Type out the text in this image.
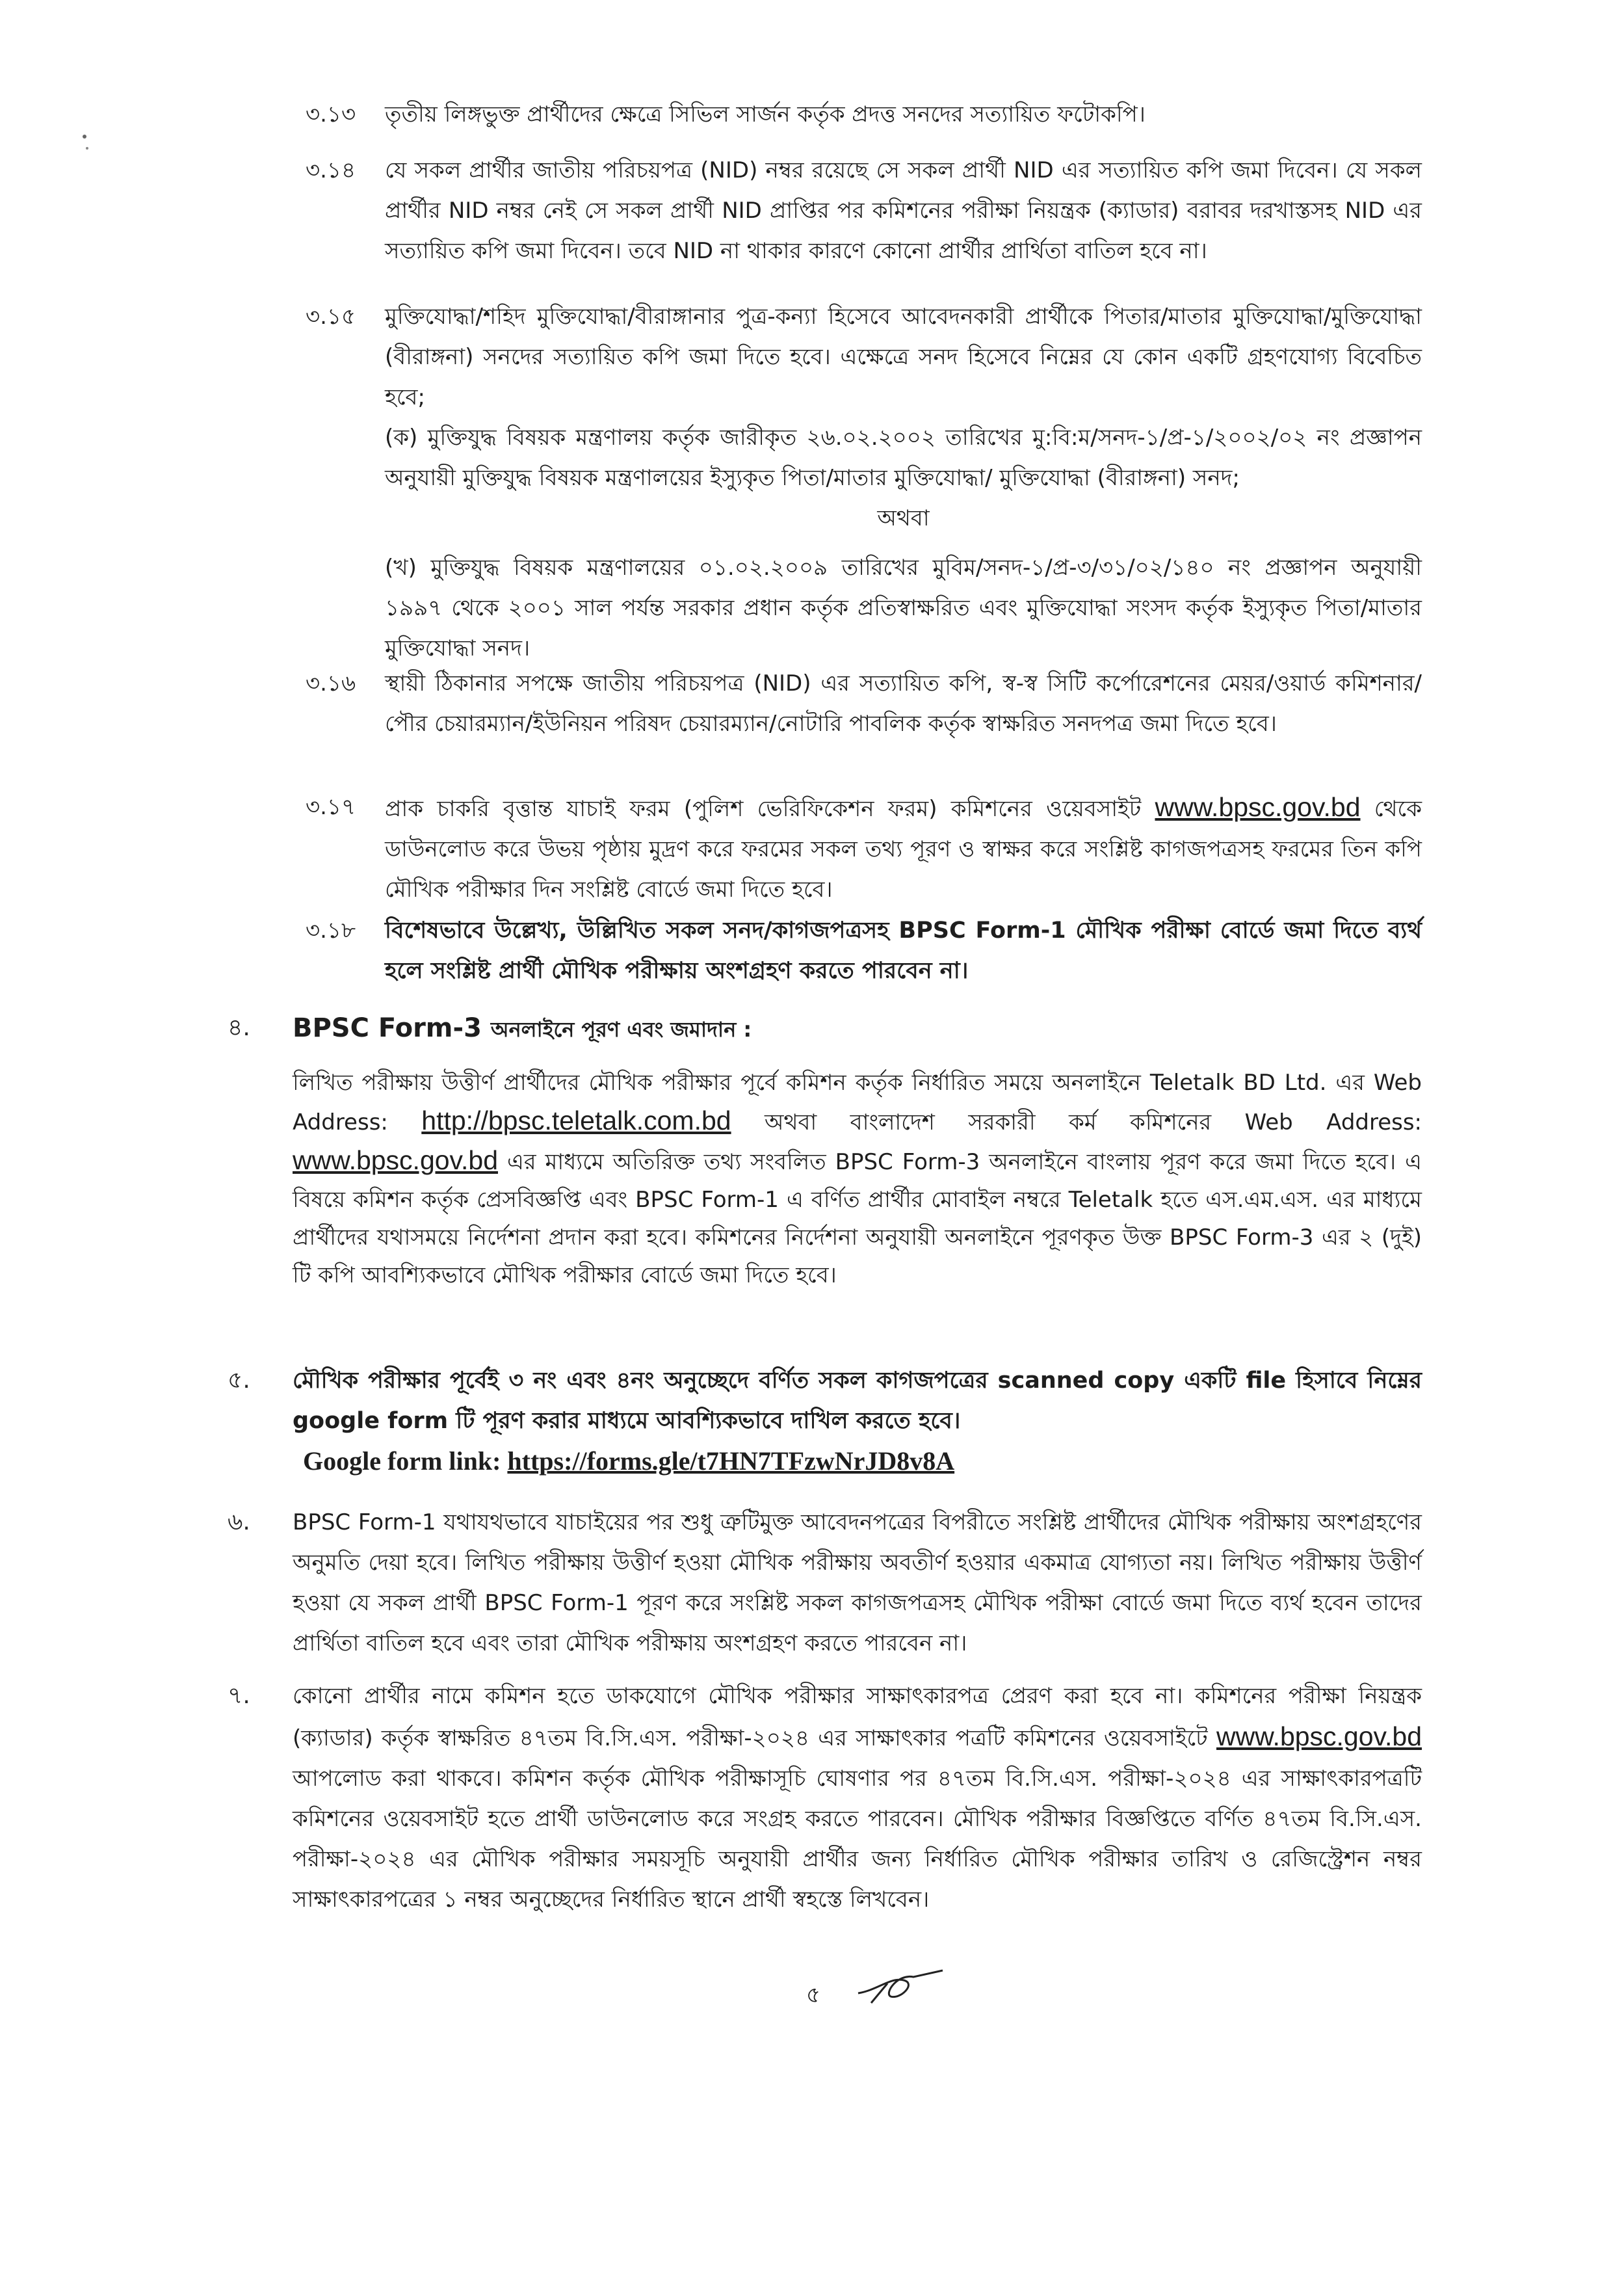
৩.১৩ তৃতীয় লিঙ্গভুক্ত প্রার্থীদের ক্ষেত্রে সিভিল সার্জন কর্তৃক প্রদত্ত সনদের সত্যায়িত ফটোকপি।
৩.১৪ যে সকল প্রার্থীর জাতীয় পরিচয়পত্র (NID) নম্বর রয়েছে সে সকল প্রার্থী NID এর সত্যায়িত কপি জমা দিবেন। যে সকল প্রার্থীর NID নম্বর নেই সে সকল প্রার্থী NID প্রাপ্তির পর কমিশনের পরীক্ষা নিয়ন্ত্রক (ক্যাডার) বরাবর দরখাস্তসহ NID এর সত্যায়িত কপি জমা দিবেন। তবে NID না থাকার কারণে কোনো প্রার্থীর প্রার্থিতা বাতিল হবে না।
৩.১৫ মুক্তিযোদ্ধা/শহিদ মুক্তিযোদ্ধা/বীরাঙ্গানার পুত্র-কন্যা হিসেবে আবেদনকারী প্রার্থীকে পিতার/মাতার মুক্তিযোদ্ধা/মুক্তিযোদ্ধা (বীরাঙ্গনা) সনদের সত্যায়িত কপি জমা দিতে হবে। এক্ষেত্রে সনদ হিসেবে নিম্নের যে কোন একটি গ্রহণযোগ্য বিবেচিত হবে;

(ক) মুক্তিযুদ্ধ বিষয়ক মন্ত্রণালয় কর্তৃক জারীকৃত ২৬.০২.২০০২ তারিখের মু:বি:ম/সনদ-১/প্র-১/২০০২/০২ নং প্রজ্ঞাপন অনুযায়ী মুক্তিযুদ্ধ বিষয়ক মন্ত্রণালয়ের ইস্যুকৃত পিতা/মাতার মুক্তিযোদ্ধা/ মুক্তিযোদ্ধা (বীরাঙ্গনা) সনদ;

অথবা

(খ) মুক্তিযুদ্ধ বিষয়ক মন্ত্রণালয়ের ০১.০২.২০০৯ তারিখের মুবিম/সনদ-১/প্র-৩/৩১/০২/১৪০ নং প্রজ্ঞাপন অনুযায়ী ১৯৯৭ থেকে ২০০১ সাল পর্যন্ত সরকার প্রধান কর্তৃক প্রতিস্বাক্ষরিত এবং মুক্তিযোদ্ধা সংসদ কর্তৃক ইস্যুকৃত পিতা/মাতার মুক্তিযোদ্ধা সনদ।

৩.১৬ স্থায়ী ঠিকানার সপক্ষে জাতীয় পরিচয়পত্র (NID) এর সত্যায়িত কপি, স্ব-স্ব সিটি কর্পোরেশনের মেয়র/ওয়ার্ড কমিশনার/পৌর চেয়ারম্যান/ইউনিয়ন পরিষদ চেয়ারম্যান/নোটারি পাবলিক কর্তৃক স্বাক্ষরিত সনদপত্র জমা দিতে হবে।
৩.১৭ প্রাক চাকরি বৃত্তান্ত যাচাই ফরম (পুলিশ ভেরিফিকেশন ফরম) কমিশনের ওয়েবসাইট www.bpsc.gov.bd থেকে ডাউনলোড করে উভয় পৃষ্ঠায় মুদ্রণ করে ফরমের সকল তথ্য পূরণ ও স্বাক্ষর করে সংশ্লিষ্ট কাগজপত্রসহ ফরমের তিন কপি মৌখিক পরীক্ষার দিন সংশ্লিষ্ট বোর্ডে জমা দিতে হবে।
৩.১৮ বিশেষভাবে উল্লেখ্য, উল্লিখিত সকল সনদ/কাগজপত্রসহ BPSC Form-1 মৌখিক পরীক্ষা বোর্ডে জমা দিতে ব্যর্থ হলে সংশ্লিষ্ট প্রার্থী মৌখিক পরীক্ষায় অংশগ্রহণ করতে পারবেন না।
৪. BPSC Form-3 অনলাইনে পূরণ এবং জমাদান :
লিখিত পরীক্ষায় উত্তীর্ণ প্রার্থীদের মৌখিক পরীক্ষার পূর্বে কমিশন কর্তৃক নির্ধারিত সময়ে অনলাইনে Teletalk BD Ltd. এর Web Address: http://bpsc.teletalk.com.bd অথবা বাংলাদেশ সরকারী কর্ম কমিশনের Web Address: www.bpsc.gov.bd এর মাধ্যমে অতিরিক্ত তথ্য সংবলিত BPSC Form-3 অনলাইনে বাংলায় পূরণ করে জমা দিতে হবে। এ বিষয়ে কমিশন কর্তৃক প্রেসবিজ্ঞপ্তি এবং BPSC Form-1 এ বর্ণিত প্রার্থীর মোবাইল নম্বরে Teletalk হতে এস.এম.এস. এর মাধ্যমে প্রার্থীদের যথাসময়ে নির্দেশনা প্রদান করা হবে। কমিশনের নির্দেশনা অনুযায়ী অনলাইনে পূরণকৃত উক্ত BPSC Form-3 এর ২ (দুই) টি কপি আবশ্যিকভাবে মৌখিক পরীক্ষার বোর্ডে জমা দিতে হবে।
৫. মৌখিক পরীক্ষার পূর্বেই ৩ নং এবং ৪নং অনুচ্ছেদে বর্ণিত সকল কাগজপত্রের scanned copy একটি file হিসাবে নিম্নের google form টি পূরণ করার মাধ্যমে আবশ্যিকভাবে দাখিল করতে হবে।

Google form link: https://forms.gle/t7HN7TFzwNrJD8v8A

৬. BPSC Form-1 যথাযথভাবে যাচাইয়ের পর শুধু ত্রুটিমুক্ত আবেদনপত্রের বিপরীতে সংশ্লিষ্ট প্রার্থীদের মৌখিক পরীক্ষায় অংশগ্রহণের অনুমতি দেয়া হবে। লিখিত পরীক্ষায় উত্তীর্ণ হওয়া মৌখিক পরীক্ষায় অবতীর্ণ হওয়ার একমাত্র যোগ্যতা নয়। লিখিত পরীক্ষায় উত্তীর্ণ হওয়া যে সকল প্রার্থী BPSC Form-1 পূরণ করে সংশ্লিষ্ট সকল কাগজপত্রসহ মৌখিক পরীক্ষা বোর্ডে জমা দিতে ব্যর্থ হবেন তাদের প্রার্থিতা বাতিল হবে এবং তারা মৌখিক পরীক্ষায় অংশগ্রহণ করতে পারবেন না।
৭. কোনো প্রার্থীর নামে কমিশন হতে ডাকযোগে মৌখিক পরীক্ষার সাক্ষাৎকারপত্র প্রেরণ করা হবে না। কমিশনের পরীক্ষা নিয়ন্ত্রক (ক্যাডার) কর্তৃক স্বাক্ষরিত ৪৭তম বি.সি.এস. পরীক্ষা-২০২৪ এর সাক্ষাৎকার পত্রটি কমিশনের ওয়েবসাইটে www.bpsc.gov.bd আপলোড করা থাকবে। কমিশন কর্তৃক মৌখিক পরীক্ষাসূচি ঘোষণার পর ৪৭তম বি.সি.এস. পরীক্ষা-২০২৪ এর সাক্ষাৎকারপত্রটি কমিশনের ওয়েবসাইট হতে প্রার্থী ডাউনলোড করে সংগ্রহ করতে পারবেন। মৌখিক পরীক্ষার বিজ্ঞপ্তিতে বর্ণিত ৪৭তম বি.সি.এস. পরীক্ষা-২০২৪ এর মৌখিক পরীক্ষার সময়সূচি অনুযায়ী প্রার্থীর জন্য নির্ধারিত মৌখিক পরীক্ষার তারিখ ও রেজিস্ট্রেশন নম্বর সাক্ষাৎকারপত্রের ১ নম্বর অনুচ্ছেদের নির্ধারিত স্থানে প্রার্থী স্বহস্তে লিখবেন।
৫
